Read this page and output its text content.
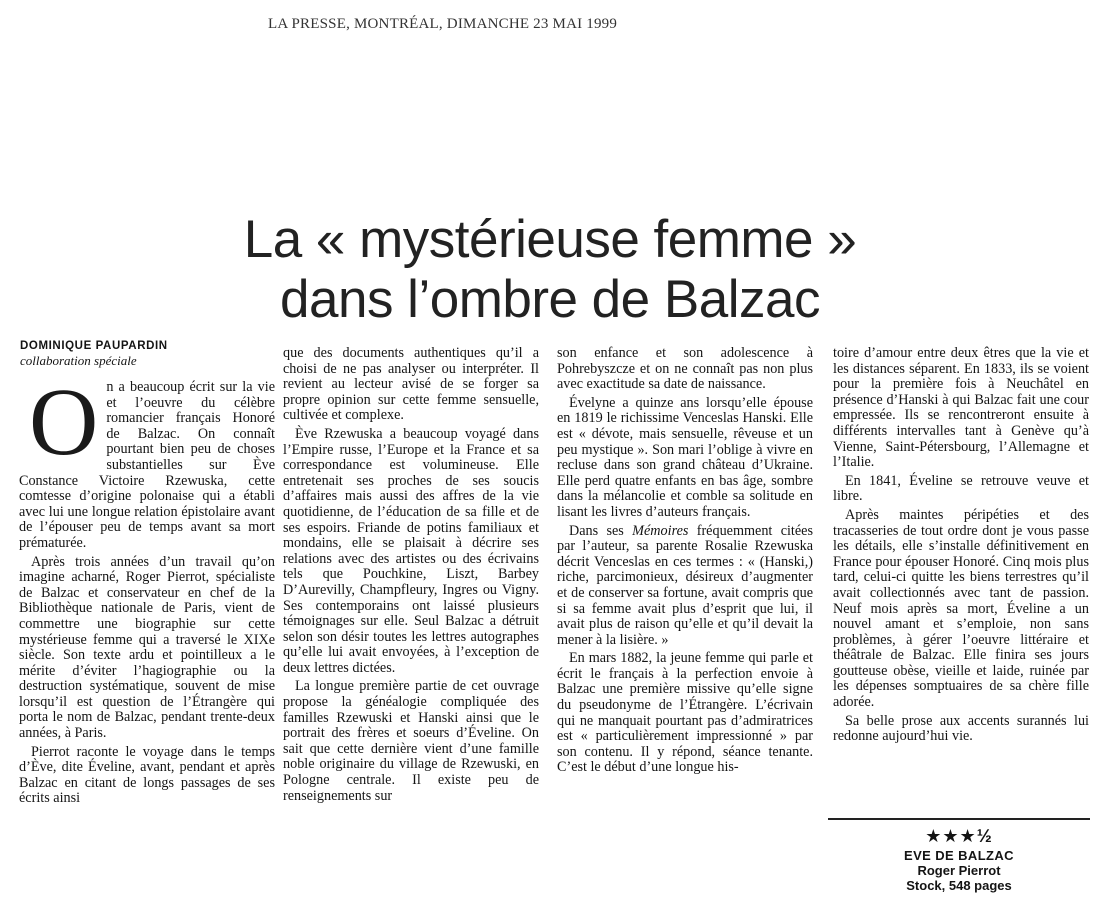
LA PRESSE, MONTRÉAL, DIMANCHE 23 MAI 1999
La « mystérieuse femme »
dans l’ombre de Balzac
DOMINIQUE PAUPARDIN
collaboration spéciale

On a beaucoup écrit sur la vie et l’oeuvre du célèbre romancier français Honoré de Balzac. On connaît pourtant bien peu de choses substantielles sur Ève Constance Victoire Rzewuska, cette comtesse d’origine polonaise qui a établi avec lui une longue relation épistolaire avant de l’épouser peu de temps avant sa mort prématurée.

Après trois années d’un travail qu’on imagine acharné, Roger Pierrot, spécialiste de Balzac et conservateur en chef de la Bibliothèque nationale de Paris, vient de commettre une biographie sur cette mystérieuse femme qui a traversé le XIXe siècle. Son texte ardu et pointilleux a le mérite d’éviter l’hagiographie ou la destruction systématique, souvent de mise lorsqu’il est question de l’Étrangère qui porta le nom de Balzac, pendant trente-deux années, à Paris.

Pierrot raconte le voyage dans le temps d’Ève, dite Éveline, avant, pendant et après Balzac en citant de longs passages de ses écrits ainsi

que des documents authentiques qu’il a choisi de ne pas analyser ou interpréter. Il revient au lecteur avisé de se forger sa propre opinion sur cette femme sensuelle, cultivée et complexe.

Ève Rzewuska a beaucoup voyagé dans l’Empire russe, l’Europe et la France et sa correspondance est volumineuse. Elle entretenait ses proches de ses soucis d’affaires mais aussi des affres de la vie quotidienne, de l’éducation de sa fille et de ses espoirs. Friande de potins familiaux et mondains, elle se plaisait à décrire ses relations avec des artistes ou des écrivains tels que Pouchkine, Liszt, Barbey D’Aurevilly, Champfleury, Ingres ou Vigny. Ses contemporains ont laissé plusieurs témoignages sur elle. Seul Balzac a détruit selon son désir toutes les lettres autographes qu’elle lui avait envoyées, à l’exception de deux lettres dictées.

La longue première partie de cet ouvrage propose la généalogie compliquée des familles Rzewuski et Hanski ainsi que le portrait des frères et soeurs d’Éveline. On sait que cette dernière vient d’une famille noble originaire du village de Rzewuski, en Pologne centrale. Il existe peu de renseignements sur

son enfance et son adolescence à Pohrebyszcze et on ne connaît pas non plus avec exactitude sa date de naissance.

Évelyne a quinze ans lorsqu’elle épouse en 1819 le richissime Venceslas Hanski. Elle est « dévote, mais sensuelle, rêveuse et un peu mystique ». Son mari l’oblige à vivre en recluse dans son grand château d’Ukraine. Elle perd quatre enfants en bas âge, sombre dans la mélancolie et comble sa solitude en lisant les livres d’auteurs français.

Dans ses Mémoires fréquemment citées par l’auteur, sa parente Rosalie Rzewuska décrit Venceslas en ces termes : « (Hanski,) riche, parcimonieux, désireux d’augmenter et de conserver sa fortune, avait compris que si sa femme avait plus d’esprit que lui, il avait plus de raison qu’elle et qu’il devait la mener à la lisière. »

En mars 1882, la jeune femme qui parle et écrit le français à la perfection envoie à Balzac une première missive qu’elle signe du pseudonyme de l’Étrangère. L’écrivain qui ne manquait pourtant pas d’admiratrices est « particulièrement impressionné » par son contenu. Il y répond, séance tenante. C’est le début d’une longue his-

toire d’amour entre deux êtres que la vie et les distances séparent. En 1833, ils se voient pour la première fois à Neuchâtel en présence d’Hanski à qui Balzac fait une cour empressée. Ils se rencontreront ensuite à différents intervalles tant à Genève qu’à Vienne, Saint-Pétersbourg, l’Allemagne et l’Italie.

En 1841, Éveline se retrouve veuve et libre.

Après maintes péripéties et des tracasseries de tout ordre dont je vous passe les détails, elle s’installe définitivement en France pour épouser Honoré. Cinq mois plus tard, celui-ci quitte les biens terrestres qu’il avait collectionnés avec tant de passion. Neuf mois après sa mort, Éveline a un nouvel amant et s’emploie, non sans problèmes, à gérer l’oeuvre littéraire et théâtrale de Balzac. Elle finira ses jours goutteuse obèse, vieille et laide, ruinée par les dépenses somptuaires de sa chère fille adorée.

Sa belle prose aux accents surannés lui redonne aujourd’hui vie.

★★★½
EVE DE BALZAC
Roger Pierrot
Stock, 548 pages
